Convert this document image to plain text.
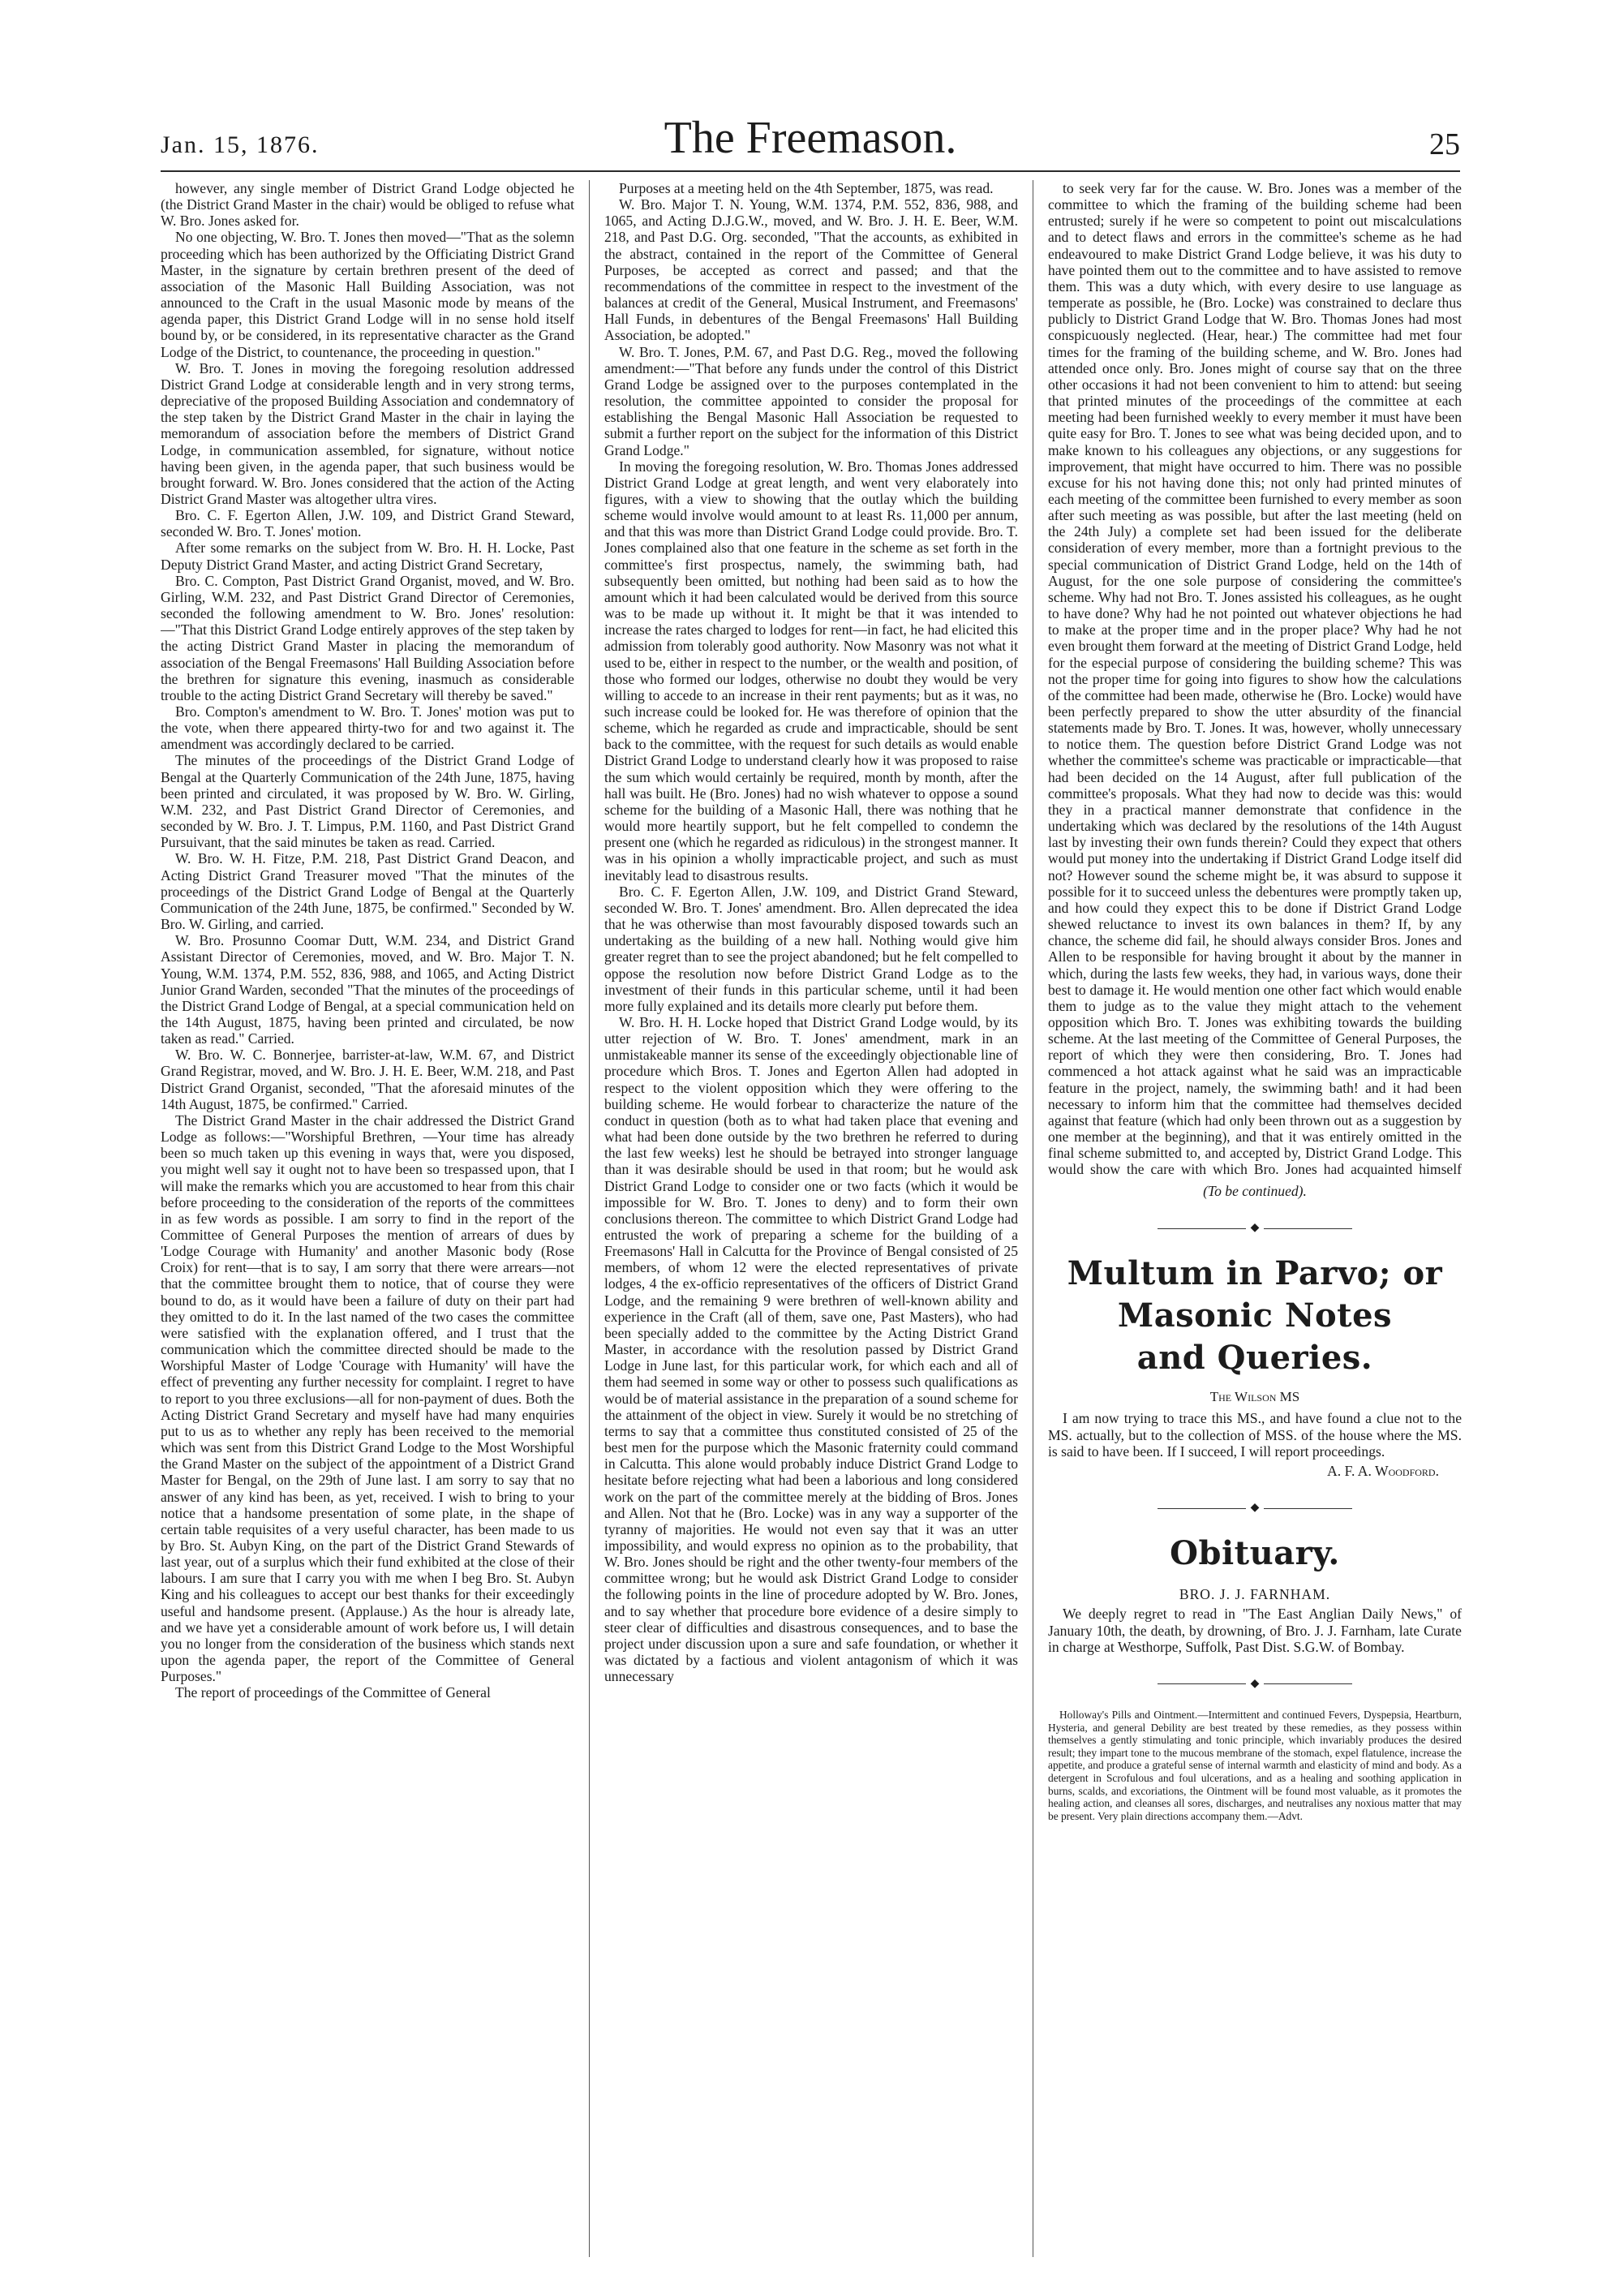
Jan. 15, 1876.	The Freemason.	25

however, any single member of District Grand Lodge objected he (the District Grand Master in the chair) would be obliged to refuse what W. Bro. Jones asked for.

No one objecting, W. Bro. T. Jones then moved—"That as the solemn proceeding which has been authorized by the Officiating District Grand Master, in the signature by certain brethren present of the deed of association of the Masonic Hall Building Association, was not announced to the Craft in the usual Masonic mode by means of the agenda paper, this District Grand Lodge will in no sense hold itself bound by, or be considered, in its representative character as the Grand Lodge of the District, to countenance, the proceeding in question."

W. Bro. T. Jones in moving the foregoing resolution addressed District Grand Lodge at considerable length and in very strong terms, depreciative of the proposed Building Association and condemnatory of the step taken by the District Grand Master in the chair in laying the memorandum of association before the members of District Grand Lodge, in communication assembled, for signature, without notice having been given, in the agenda paper, that such business would be brought forward. W. Bro. Jones considered that the action of the Acting District Grand Master was altogether ultra vires.

Bro. C. F. Egerton Allen, J.W. 109, and District Grand Steward, seconded W. Bro. T. Jones' motion.

After some remarks on the subject from W. Bro. H. H. Locke, Past Deputy District Grand Master, and acting District Grand Secretary,

Bro. C. Compton, Past District Grand Organist, moved, and W. Bro. Girling, W.M. 232, and Past District Grand Director of Ceremonies, seconded the following amendment to W. Bro. Jones' resolution:—"That this District Grand Lodge entirely approves of the step taken by the acting District Grand Master in placing the memorandum of association of the Bengal Freemasons' Hall Building Association before the brethren for signature this evening, inasmuch as considerable trouble to the acting District Grand Secretary will thereby be saved."

Bro. Compton's amendment to W. Bro. T. Jones' motion was put to the vote, when there appeared thirty-two for and two against it. The amendment was accordingly declared to be carried.

The minutes of the proceedings of the District Grand Lodge of Bengal at the Quarterly Communication of the 24th June, 1875, having been printed and circulated, it was proposed by W. Bro. W. Girling, W.M. 232, and Past District Grand Director of Ceremonies, and seconded by W. Bro. J. T. Limpus, P.M. 1160, and Past District Grand Pursuivant, that the said minutes be taken as read. Carried.

W. Bro. W. H. Fitze, P.M. 218, Past District Grand Deacon, and Acting District Grand Treasurer moved "That the minutes of the proceedings of the District Grand Lodge of Bengal at the Quarterly Communication of the 24th June, 1875, be confirmed." Seconded by W. Bro. W. Girling, and carried.

W. Bro. Prosunno Coomar Dutt, W.M. 234, and District Grand Assistant Director of Ceremonies, moved, and W. Bro. Major T. N. Young, W.M. 1374, P.M. 552, 836, 988, and 1065, and Acting District Junior Grand Warden, seconded "That the minutes of the proceedings of the District Grand Lodge of Bengal, at a special communication held on the 14th August, 1875, having been printed and circulated, be now taken as read." Carried.

W. Bro. W. C. Bonnerjee, barrister-at-law, W.M. 67, and District Grand Registrar, moved, and W. Bro. J. H. E. Beer, W.M. 218, and Past District Grand Organist, seconded, "That the aforesaid minutes of the 14th August, 1875, be confirmed." Carried.

The District Grand Master in the chair addressed the District Grand Lodge as follows:—"Worshipful Brethren, —Your time has already been so much taken up this evening in ways that, were you disposed, you might well say it ought not to have been so trespassed upon, that I will make the remarks which you are accustomed to hear from this chair before proceeding to the consideration of the reports of the committees in as few words as possible. I am sorry to find in the report of the Committee of General Purposes the mention of arrears of dues by 'Lodge Courage with Humanity' and another Masonic body (Rose Croix) for rent—that is to say, I am sorry that there were arrears—not that the committee brought them to notice, that of course they were bound to do, as it would have been a failure of duty on their part had they omitted to do it. In the last named of the two cases the committee were satisfied with the explanation offered, and I trust that the communication which the committee directed should be made to the Worshipful Master of Lodge 'Courage with Humanity' will have the effect of preventing any further necessity for complaint. I regret to have to report to you three exclusions—all for non-payment of dues. Both the Acting District Grand Secretary and myself have had many enquiries put to us as to whether any reply has been received to the memorial which was sent from this District Grand Lodge to the Most Worshipful the Grand Master on the subject of the appointment of a District Grand Master for Bengal, on the 29th of June last. I am sorry to say that no answer of any kind has been, as yet, received. I wish to bring to your notice that a handsome presentation of some plate, in the shape of certain table requisites of a very useful character, has been made to us by Bro. St. Aubyn King, on the part of the District Grand Stewards of last year, out of a surplus which their fund exhibited at the close of their labours. I am sure that I carry you with me when I beg Bro. St. Aubyn King and his colleagues to accept our best thanks for their exceedingly useful and handsome present. (Applause.) As the hour is already late, and we have yet a considerable amount of work before us, I will detain you no longer from the consideration of the business which stands next upon the agenda paper, the report of the Committee of General Purposes."

The report of proceedings of the Committee of General

Purposes at a meeting held on the 4th September, 1875, was read.

W. Bro. Major T. N. Young, W.M. 1374, P.M. 552, 836, 988, and 1065, and Acting D.J.G.W., moved, and W. Bro. J. H. E. Beer, W.M. 218, and Past D.G. Org. seconded, "That the accounts, as exhibited in the abstract, contained in the report of the Committee of General Purposes, be accepted as correct and passed; and that the recommendations of the committee in respect to the investment of the balances at credit of the General, Musical Instrument, and Freemasons' Hall Funds, in debentures of the Bengal Freemasons' Hall Building Association, be adopted."

W. Bro. T. Jones, P.M. 67, and Past D.G. Reg., moved the following amendment:—"That before any funds under the control of this District Grand Lodge be assigned over to the purposes contemplated in the resolution, the committee appointed to consider the proposal for establishing the Bengal Masonic Hall Association be requested to submit a further report on the subject for the information of this District Grand Lodge."

In moving the foregoing resolution, W. Bro. Thomas Jones addressed District Grand Lodge at great length, and went very elaborately into figures, with a view to showing that the outlay which the building scheme would involve would amount to at least Rs. 11,000 per annum, and that this was more than District Grand Lodge could provide. Bro. T. Jones complained also that one feature in the scheme as set forth in the committee's first prospectus, namely, the swimming bath, had subsequently been omitted, but nothing had been said as to how the amount which it had been calculated would be derived from this source was to be made up without it. It might be that it was intended to increase the rates charged to lodges for rent—in fact, he had elicited this admission from tolerably good authority. Now Masonry was not what it used to be, either in respect to the number, or the wealth and position, of those who formed our lodges, otherwise no doubt they would be very willing to accede to an increase in their rent payments; but as it was, no such increase could be looked for. He was therefore of opinion that the scheme, which he regarded as crude and impracticable, should be sent back to the committee, with the request for such details as would enable District Grand Lodge to understand clearly how it was proposed to raise the sum which would certainly be required, month by month, after the hall was built. He (Bro. Jones) had no wish whatever to oppose a sound scheme for the building of a Masonic Hall, there was nothing that he would more heartily support, but he felt compelled to condemn the present one (which he regarded as ridiculous) in the strongest manner. It was in his opinion a wholly impracticable project, and such as must inevitably lead to disastrous results.

Bro. C. F. Egerton Allen, J.W. 109, and District Grand Steward, seconded W. Bro. T. Jones' amendment. Bro. Allen deprecated the idea that he was otherwise than most favourably disposed towards such an undertaking as the building of a new hall. Nothing would give him greater regret than to see the project abandoned; but he felt compelled to oppose the resolution now before District Grand Lodge as to the investment of their funds in this particular scheme, until it had been more fully explained and its details more clearly put before them.

W. Bro. H. H. Locke hoped that District Grand Lodge would, by its utter rejection of W. Bro. T. Jones' amendment, mark in an unmistakeable manner its sense of the exceedingly objectionable line of procedure which Bros. T. Jones and Egerton Allen had adopted in respect to the violent opposition which they were offering to the building scheme. He would forbear to characterize the nature of the conduct in question (both as to what had taken place that evening and what had been done outside by the two brethren he referred to during the last few weeks) lest he should be betrayed into stronger language than it was desirable should be used in that room; but he would ask District Grand Lodge to consider one or two facts (which it would be impossible for W. Bro. T. Jones to deny) and to form their own conclusions thereon. The committee to which District Grand Lodge had entrusted the work of preparing a scheme for the building of a Freemasons' Hall in Calcutta for the Province of Bengal consisted of 25 members, of whom 12 were the elected representatives of private lodges, 4 the ex-officio representatives of the officers of District Grand Lodge, and the remaining 9 were brethren of well-known ability and experience in the Craft (all of them, save one, Past Masters), who had been specially added to the committee by the Acting District Grand Master, in accordance with the resolution passed by District Grand Lodge in June last, for this particular work, for which each and all of them had seemed in some way or other to possess such qualifications as would be of material assistance in the preparation of a sound scheme for the attainment of the object in view. Surely it would be no stretching of terms to say that a committee thus constituted consisted of 25 of the best men for the purpose which the Masonic fraternity could command in Calcutta. This alone would probably induce District Grand Lodge to hesitate before rejecting what had been a laborious and long considered work on the part of the committee merely at the bidding of Bros. Jones and Allen. Not that he (Bro. Locke) was in any way a supporter of the tyranny of majorities. He would not even say that it was an utter impossibility, and would express no opinion as to the probability, that W. Bro. Jones should be right and the other twenty-four members of the committee wrong; but he would ask District Grand Lodge to consider the following points in the line of procedure adopted by W. Bro. Jones, and to say whether that procedure bore evidence of a desire simply to steer clear of difficulties and disastrous consequences, and to base the project under discussion upon a sure and safe foundation, or whether it was dictated by a factious and violent antagonism of which it was unnecessary

to seek very far for the cause. W. Bro. Jones was a member of the committee to which the framing of the building scheme had been entrusted; surely if he were so competent to point out miscalculations and to detect flaws and errors in the committee's scheme as he had endeavoured to make District Grand Lodge believe, it was his duty to have pointed them out to the committee and to have assisted to remove them. This was a duty which, with every desire to use language as temperate as possible, he (Bro. Locke) was constrained to declare thus publicly to District Grand Lodge that W. Bro. Thomas Jones had most conspicuously neglected. (Hear, hear.) The committee had met four times for the framing of the building scheme, and W. Bro. Jones had attended once only. Bro. Jones might of course say that on the three other occasions it had not been convenient to him to attend: but seeing that printed minutes of the proceedings of the committee at each meeting had been furnished weekly to every member it must have been quite easy for Bro. T. Jones to see what was being decided upon, and to make known to his colleagues any objections, or any suggestions for improvement, that might have occurred to him. There was no possible excuse for his not having done this; not only had printed minutes of each meeting of the committee been furnished to every member as soon after such meeting as was possible, but after the last meeting (held on the 24th July) a complete set had been issued for the deliberate consideration of every member, more than a fortnight previous to the special communication of District Grand Lodge, held on the 14th of August, for the one sole purpose of considering the committee's scheme. Why had not Bro. T. Jones assisted his colleagues, as he ought to have done? Why had he not pointed out whatever objections he had to make at the proper time and in the proper place? Why had he not even brought them forward at the meeting of District Grand Lodge, held for the especial purpose of considering the building scheme? This was not the proper time for going into figures to show how the calculations of the committee had been made, otherwise he (Bro. Locke) would have been perfectly prepared to show the utter absurdity of the financial statements made by Bro. T. Jones. It was, however, wholly unnecessary to notice them. The question before District Grand Lodge was not whether the committee's scheme was practicable or impracticable—that had been decided on the 14 August, after full publication of the committee's proposals. What they had now to decide was this: would they in a practical manner demonstrate that confidence in the undertaking which was declared by the resolutions of the 14th August last by investing their own funds therein? Could they expect that others would put money into the undertaking if District Grand Lodge itself did not? However sound the scheme might be, it was absurd to suppose it possible for it to succeed unless the debentures were promptly taken up, and how could they expect this to be done if District Grand Lodge shewed reluctance to invest its own balances in them? If, by any chance, the scheme did fail, he should always consider Bros. Jones and Allen to be responsible for having brought it about by the manner in which, during the lasts few weeks, they had, in various ways, done their best to damage it. He would mention one other fact which would enable them to judge as to the value they might attach to the vehement opposition which Bro. T. Jones was exhibiting towards the building scheme. At the last meeting of the Committee of General Purposes, the report of which they were then considering, Bro. T. Jones had commenced a hot attack against what he said was an impracticable feature in the project, namely, the swimming bath! and it had been necessary to inform him that the committee had themselves decided against that feature (which had only been thrown out as a suggestion by one member at the beginning), and that it was entirely omitted in the final scheme submitted to, and accepted by, District Grand Lodge. This would show the care with which Bro. Jones had acquainted himself

(To be continued).
◆
Multum in Parvo; or Masonic Notes
and Queries.
The Wilson MS

I am now trying to trace this MS., and have found a clue not to the MS. actually, but to the collection of MSS. of the house where the MS. is said to have been. If I succeed, I will report proceedings.

A. F. A. Woodford.
◆
Obituary.
BRO. J. J. FARNHAM.

We deeply regret to read in "The East Anglian Daily News," of January 10th, the death, by drowning, of Bro. J. J. Farnham, late Curate in charge at Westhorpe, Suffolk, Past Dist. S.G.W. of Bombay.

◆

Holloway's Pills and Ointment.—Intermittent and continued Fevers, Dyspepsia, Heartburn, Hysteria, and general Debility are best treated by these remedies, as they possess within themselves a gently stimulating and tonic principle, which invariably produces the desired result; they impart tone to the mucous membrane of the stomach, expel flatulence, increase the appetite, and produce a grateful sense of internal warmth and elasticity of mind and body. As a detergent in Scrofulous and foul ulcerations, and as a healing and soothing application in burns, scalds, and excoriations, the Ointment will be found most valuable, as it promotes the healing action, and cleanses all sores, discharges, and neutralises any noxious matter that may be present. Very plain directions accompany them.—Advt.
